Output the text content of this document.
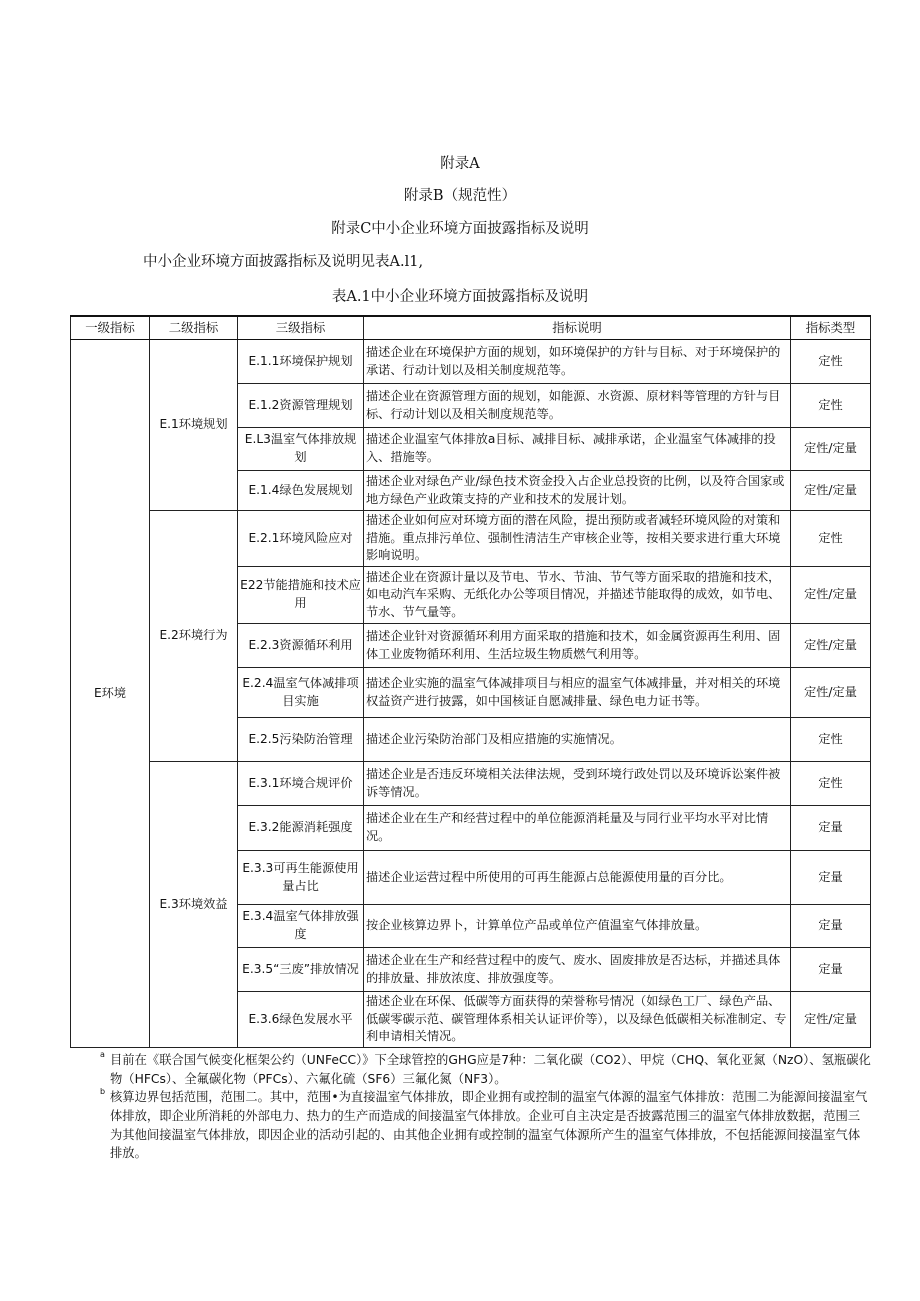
附录A
附录B（规范性）
附录C中小企业环境方面披露指标及说明
中小企业环境方面披露指标及说明见表A.l1,
表A.1中小企业环境方面披露指标及说明
一级指标	二级指标	三级指标	指标说明	指标类型
E环境	E.1环境规划	E.1.1环境保护规划	描述企业在环境保护方面的规划，如环境保护的方针与目标、对于环境保护的承诺、行动计划以及相关制度规范等。	定性
		E.1.2资源管理规划	描述企业在资源管理方面的规划，如能源、水资源、原材料等管理的方针与目标、行动计划以及相关制度规范等。	定性
		E.L3温室气体排放规划	描述企业温室气体排放a目标、减排目标、减排承诺，企业温室气体减排的投入、措施等。	定性/定量
		E.1.4绿色发展规划	描述企业对绿色产业/绿色技术资金投入占企业总投资的比例，以及符合国家或地方绿色产业政策支持的产业和技术的发展计划。	定性/定量
	E.2环境行为	E.2.1环境风险应对	描述企业如何应对环境方面的潜在风险，提出预防或者减轻环境风险的对策和措施。重点排污单位、强制性清洁生产审核企业等，按相关要求进行重大环境影响说明。	定性
		E22节能措施和技术应用	描述企业在资源计量以及节电、节水、节油、节气等方面采取的措施和技术，如电动汽车采购、无纸化办公等项目情况，并描述节能取得的成效，如节电、节水、节气量等。	定性/定量
		E.2.3资源循环利用	描述企业针对资源循环利用方面采取的措施和技术，如金属资源再生利用、固体工业废物循环利用、生活垃圾生物质燃气利用等。	定性/定量
		E.2.4温室气体减排项目实施	描述企业实施的温室气体减排项目与相应的温室气体减排量，并对相关的环境权益资产进行披露，如中国核证自愿减排量、绿色电力证书等。	定性/定量
		E.2.5污染防治管理	描述企业污染防治部门及相应措施的实施情况。	定性
	E.3环境效益	E.3.1环境合规评价	描述企业是否违反环境相关法律法规，受到环境行政处罚以及环境诉讼案件被诉等情况。	定性
		E.3.2能源消耗强度	描述企业在生产和经营过程中的单位能源消耗量及与同行业平均水平对比情况。	定量
		E.3.3可再生能源使用量占比	描述企业运营过程中所使用的可再生能源占总能源使用量的百分比。	定量
		E.3.4温室气体排放强度	按企业核算边界卜，计算单位产品或单位产值温室气体排放量。	定量
		E.3.5“三废”排放情况	描述企业在生产和经营过程中的废气、废水、固废排放是否达标，并描述具体的排放量、排放浓度、排放强度等。	定量
		E.3.6绿色发展水平	描述企业在环保、低碳等方面获得的荣誉称号情况（如绿色工厂、绿色产品、低碳零碳示范、碳管理体系相关认证评价等），以及绿色低碳相关标准制定、专利申请相关情况。	定性/定量
a 目前在《联合国气候变化框架公约（UNFeCC）》下全球管控的GHG应是7种：二氧化碳（CO2）、甲烷（CHQ、氧化亚氮（NzO）、氢瓶碳化物（HFCs）、全氟碳化物（PFCs）、六氟化硫（SF6）三氟化氮（NF3）。
b 核算边界包括范围，范围二。其中，范围•为直接温室气体排放，即企业拥有或控制的温室气体源的温室气体排放：范围二为能源间接温室气体排放，即企业所消耗的外部电力、热力的生产而造成的间接温室气体排放。企业可自主决定是否披露范围三的温室气体排放数据，范围三为其他间接温室气体排放，即因企业的活动引起的、由其他企业拥有或控制的温室气体源所产生的温室气体排放，不包括能源间接温室气体排放。
